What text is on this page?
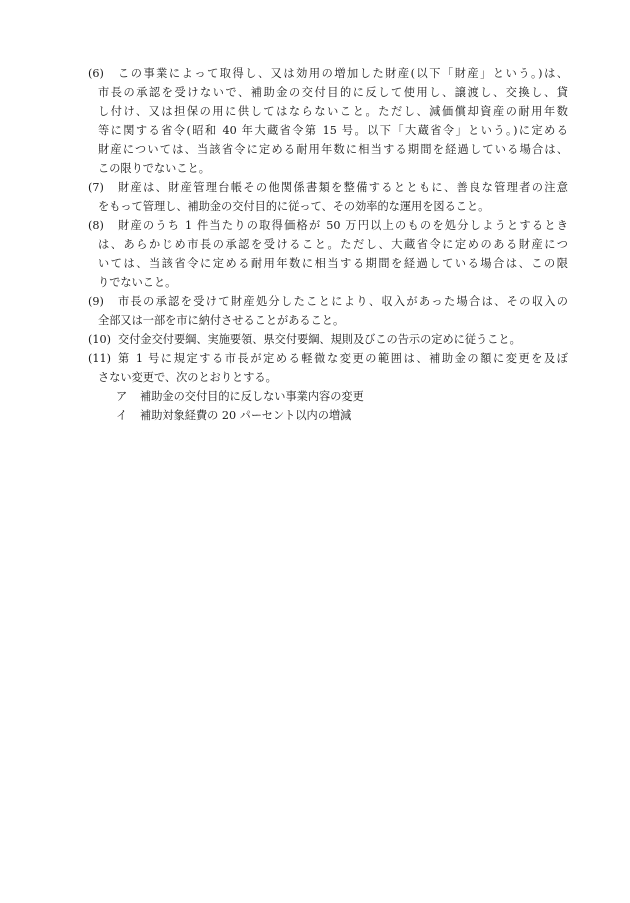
(6)	この事業によって取得し、又は効用の増加した財産(以下「財産」という。)は、
市長の承認を受けないで、補助金の交付目的に反して使用し、譲渡し、交換し、貸
し付け、又は担保の用に供してはならないこと。ただし、減価償却資産の耐用年数
等に関する省令(昭和 40 年大蔵省令第 15 号。以下「大蔵省令」という。)に定める
財産については、当該省令に定める耐用年数に相当する期間を経過している場合は、
この限りでないこと。
(7)	財産は、財産管理台帳その他関係書類を整備するとともに、善良な管理者の注意
をもって管理し、補助金の交付目的に従って、その効率的な運用を図ること。
(8)	財産のうち 1 件当たりの取得価格が 50 万円以上のものを処分しようとするとき
は、あらかじめ市長の承認を受けること。ただし、大蔵省令に定めのある財産につ
いては、当該省令に定める耐用年数に相当する期間を経過している場合は、この限
りでないこと。
(9)	市長の承認を受けて財産処分したことにより、収入があった場合は、その収入の
全部又は一部を市に納付させることがあること。
(10) 交付金交付要綱、実施要領、県交付要綱、規則及びこの告示の定めに従うこと。
(11) 第 1 号に規定する市長が定める軽微な変更の範囲は、補助金の額に変更を及ぼ
さない変更で、次のとおりとする。
ア	補助金の交付目的に反しない事業内容の変更
イ	補助対象経費の 20 パーセント以内の増減
